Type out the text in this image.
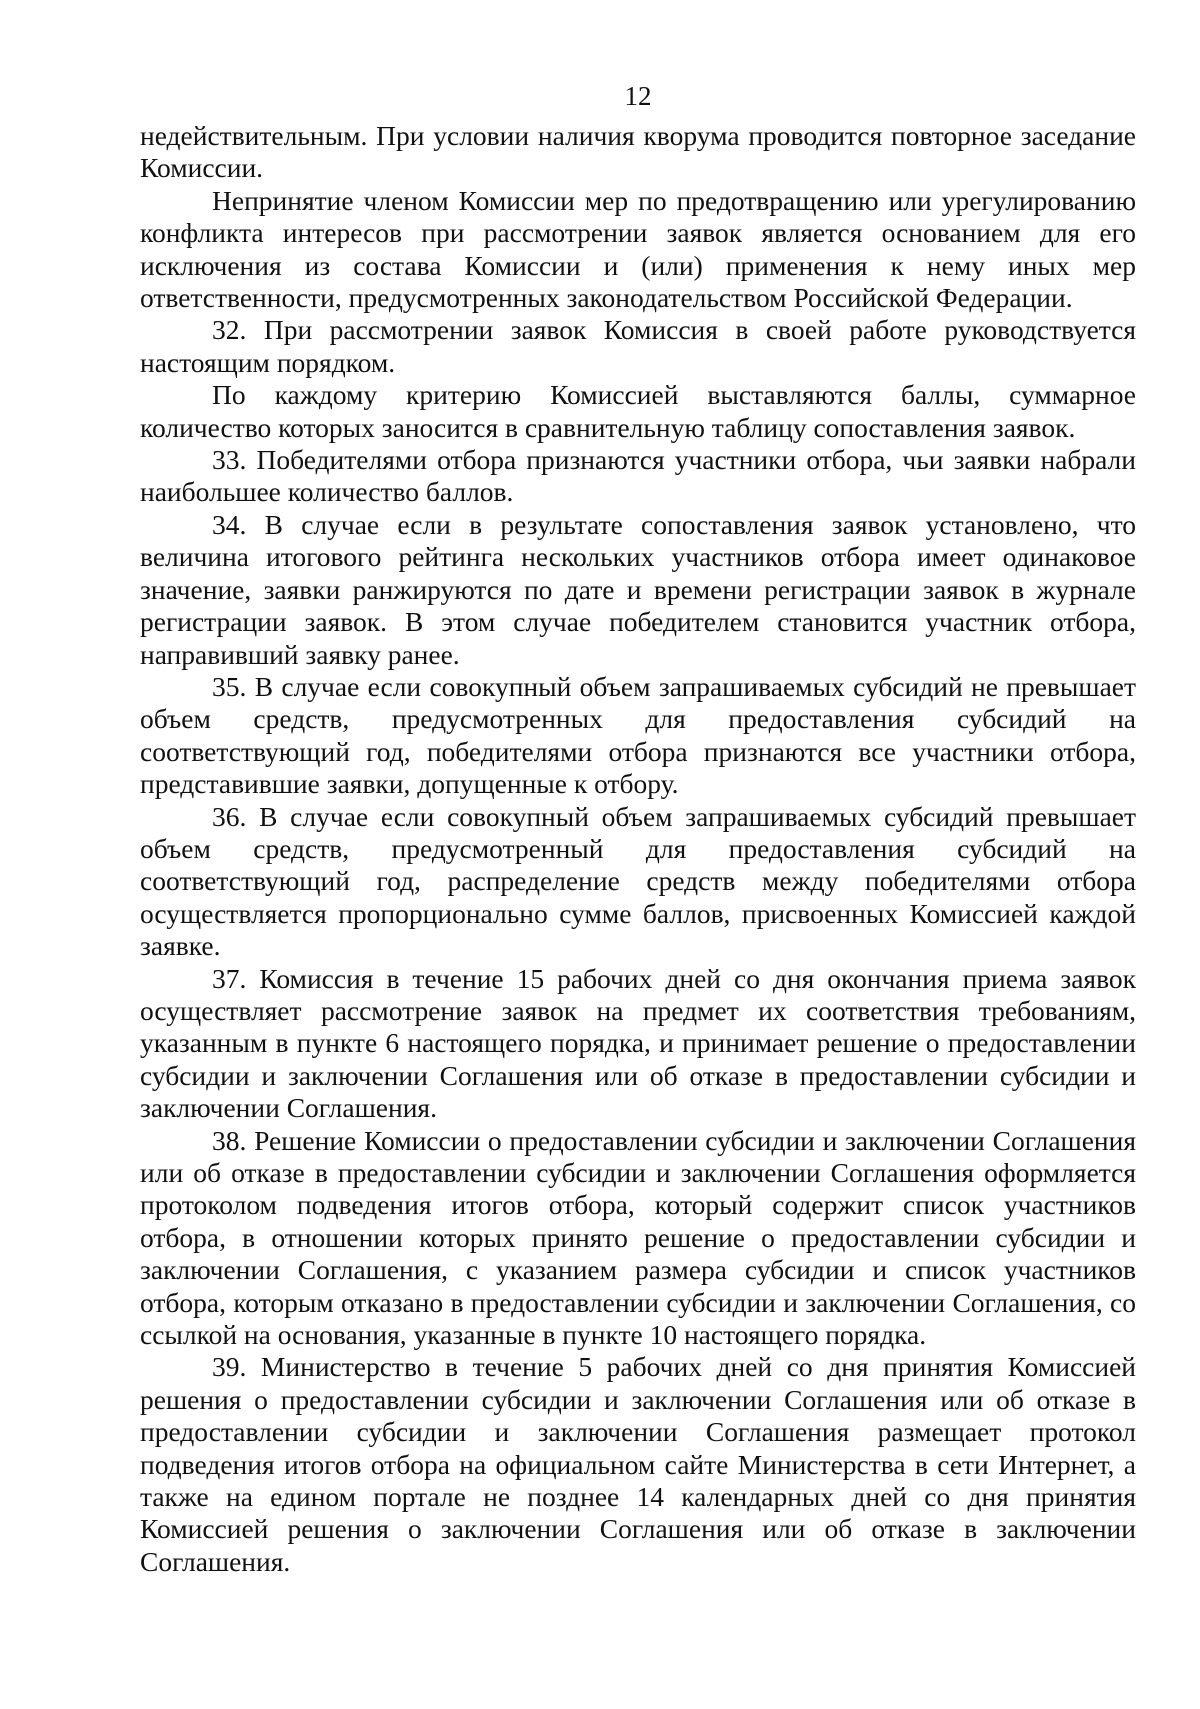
12

недействительным. При условии наличия кворума проводится повторное заседание Комиссии.

Непринятие членом Комиссии мер по предотвращению или урегулированию конфликта интересов при рассмотрении заявок является основанием для его исключения из состава Комиссии и (или) применения к нему иных мер ответственности, предусмотренных законодательством Российской Федерации.

32. При рассмотрении заявок Комиссия в своей работе руководствуется настоящим порядком.

По каждому критерию Комиссией выставляются баллы, суммарное количество которых заносится в сравнительную таблицу сопоставления заявок.

33. Победителями отбора признаются участники отбора, чьи заявки набрали наибольшее количество баллов.

34. В случае если в результате сопоставления заявок установлено, что величина итогового рейтинга нескольких участников отбора имеет одинаковое значение, заявки ранжируются по дате и времени регистрации заявок в журнале регистрации заявок. В этом случае победителем становится участник отбора, направивший заявку ранее.

35. В случае если совокупный объем запрашиваемых субсидий не превышает объем средств, предусмотренных для предоставления субсидий на соответствующий год, победителями отбора признаются все участники отбора, представившие заявки, допущенные к отбору.

36. В случае если совокупный объем запрашиваемых субсидий превышает объем средств, предусмотренный для предоставления субсидий на соответствующий год, распределение средств между победителями отбора осуществляется пропорционально сумме баллов, присвоенных Комиссией каждой заявке.

37. Комиссия в течение 15 рабочих дней со дня окончания приема заявок осуществляет рассмотрение заявок на предмет их соответствия требованиям, указанным в пункте 6 настоящего порядка, и принимает решение о предоставлении субсидии и заключении Соглашения или об отказе в предоставлении субсидии и заключении Соглашения.

38. Решение Комиссии о предоставлении субсидии и заключении Соглашения или об отказе в предоставлении субсидии и заключении Соглашения оформляется протоколом подведения итогов отбора, который содержит список участников отбора, в отношении которых принято решение о предоставлении субсидии и заключении Соглашения, с указанием размера субсидии и список участников отбора, которым отказано в предоставлении субсидии и заключении Соглашения, со ссылкой на основания, указанные в пункте 10 настоящего порядка.

39. Министерство в течение 5 рабочих дней со дня принятия Комиссией решения о предоставлении субсидии и заключении Соглашения или об отказе в предоставлении субсидии и заключении Соглашения размещает протокол подведения итогов отбора на официальном сайте Министерства в сети Интернет, а также на едином портале не позднее 14 календарных дней со дня принятия Комиссией решения о заключении Соглашения или об отказе в заключении Соглашения.
